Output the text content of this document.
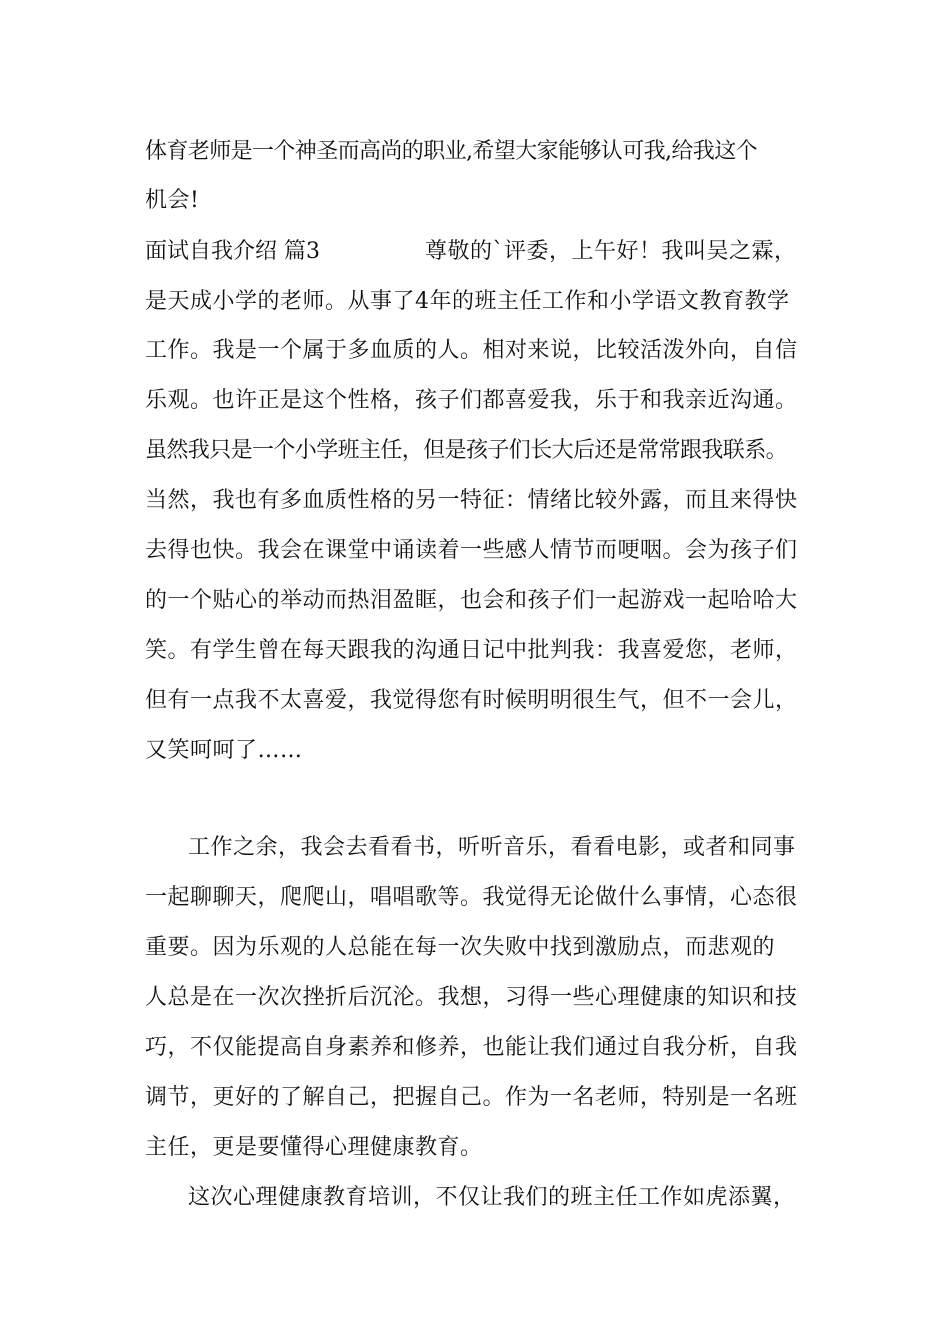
体育老师是一个神圣而高尚的职业,希望大家能够认可我,给我这个
机会!
面试自我介绍 篇3	尊敬的`评委，上午好！我叫吴之霖，
是天成小学的老师。从事了4年的班主任工作和小学语文教育教学
工作。我是一个属于多血质的人。相对来说，比较活泼外向，自信
乐观。也许正是这个性格，孩子们都喜爱我，乐于和我亲近沟通。
虽然我只是一个小学班主任，但是孩子们长大后还是常常跟我联系。
当然，我也有多血质性格的另一特征：情绪比较外露，而且来得快
去得也快。我会在课堂中诵读着一些感人情节而哽咽。会为孩子们
的一个贴心的举动而热泪盈眶，也会和孩子们一起游戏一起哈哈大
笑。有学生曾在每天跟我的沟通日记中批判我：我喜爱您，老师，
但有一点我不太喜爱，我觉得您有时候明明很生气，但不一会儿，
又笑呵呵了……
工作之余，我会去看看书，听听音乐，看看电影，或者和同事
一起聊聊天，爬爬山，唱唱歌等。我觉得无论做什么事情，心态很
重要。因为乐观的人总能在每一次失败中找到激励点，而悲观的
人总是在一次次挫折后沉沦。我想，习得一些心理健康的知识和技
巧，不仅能提高自身素养和修养，也能让我们通过自我分析，自我
调节，更好的了解自己，把握自己。作为一名老师，特别是一名班
主任，更是要懂得心理健康教育。
这次心理健康教育培训，不仅让我们的班主任工作如虎添翼，
